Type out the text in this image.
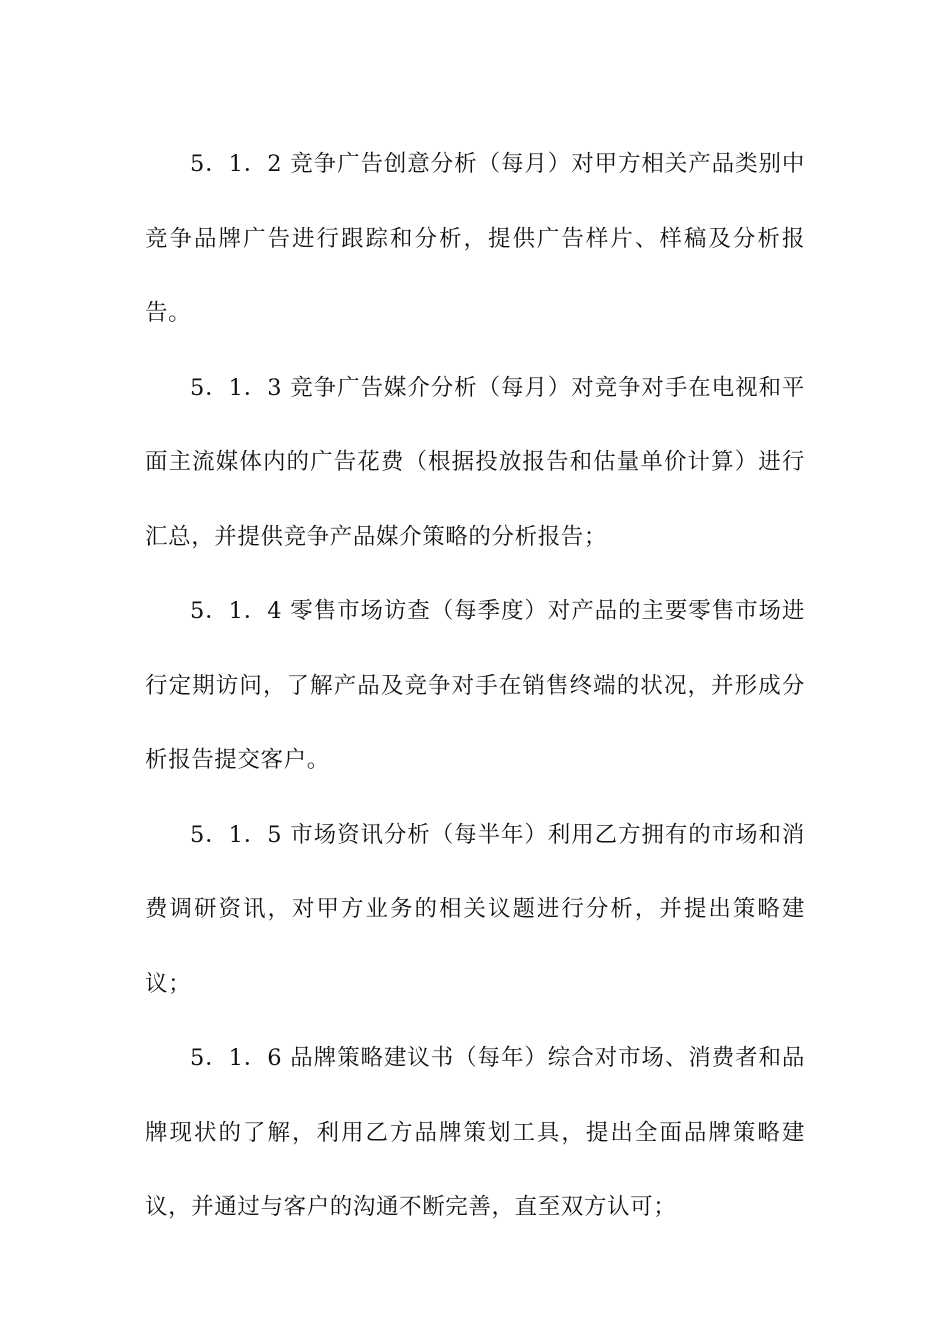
5．1．2 竞争广告创意分析（每月）对甲方相关产品类别中竞争品牌广告进行跟踪和分析，提供广告样片、样稿及分析报告。

5．1．3 竞争广告媒介分析（每月）对竞争对手在电视和平面主流媒体内的广告花费（根据投放报告和估量单价计算）进行汇总，并提供竞争产品媒介策略的分析报告；

5．1．4 零售市场访查（每季度）对产品的主要零售市场进行定期访问，了解产品及竞争对手在销售终端的状况，并形成分析报告提交客户。

5．1．5 市场资讯分析（每半年）利用乙方拥有的市场和消费调研资讯，对甲方业务的相关议题进行分析，并提出策略建议；

5．1．6 品牌策略建议书（每年）综合对市场、消费者和品牌现状的了解，利用乙方品牌策划工具，提出全面品牌策略建议，并通过与客户的沟通不断完善，直至双方认可；
